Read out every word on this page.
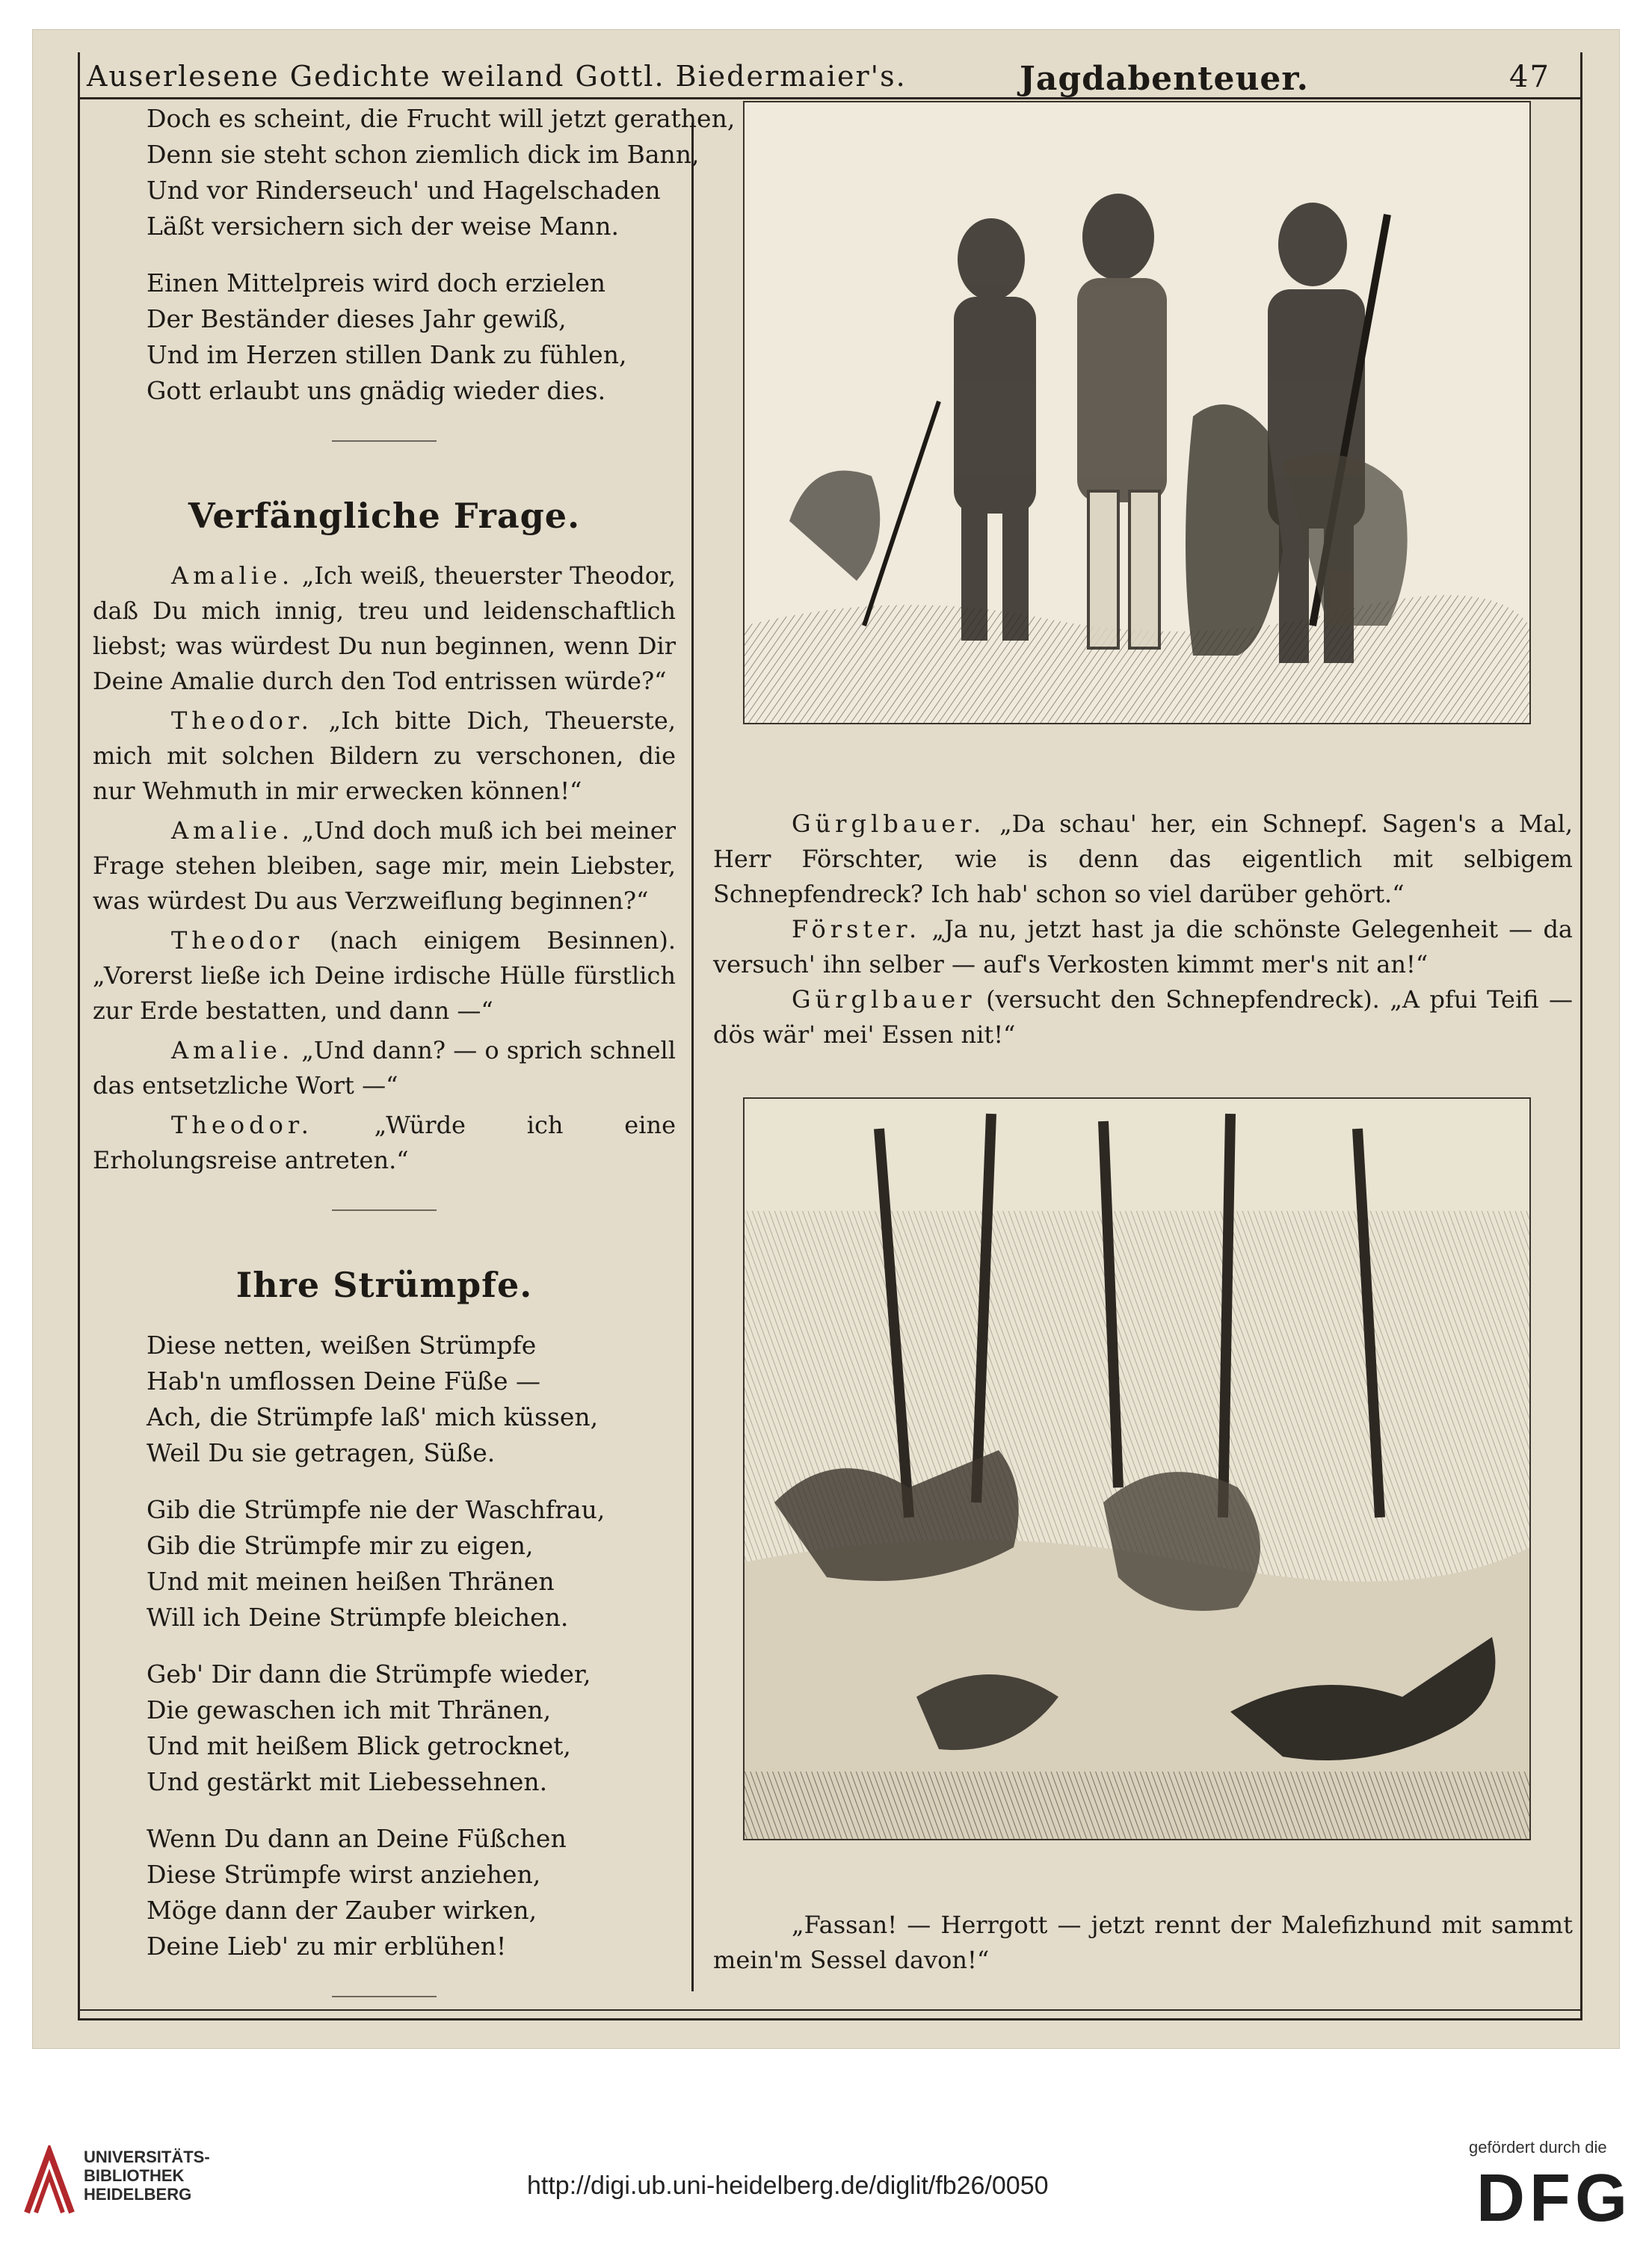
Auserlesene Gedichte weiland Gottl. Biedermaier's.	Jagdabenteuer.	47

Doch es scheint, die Frucht will jetzt gerathen,

Denn sie steht schon ziemlich dick im Bann,

Und vor Rinderseuch' und Hagelschaden

Läßt versichern sich der weise Mann.

Einen Mittelpreis wird doch erzielen

Der Beständer dieses Jahr gewiß,

Und im Herzen stillen Dank zu fühlen,

Gott erlaubt uns gnädig wieder dies.

Verfängliche Frage.

Amalie. „Ich weiß, theuerster Theodor, daß Du mich innig, treu und leidenschaftlich liebst; was würdest Du nun beginnen, wenn Dir Deine Amalie durch den Tod entrissen würde?“

Theodor. „Ich bitte Dich, Theuerste, mich mit solchen Bildern zu verschonen, die nur Wehmuth in mir erwecken können!“

Amalie. „Und doch muß ich bei meiner Frage stehen bleiben, sage mir, mein Liebster, was würdest Du aus Verzweiflung beginnen?“

Theodor (nach einigem Besinnen). „Vorerst ließe ich Deine irdische Hülle fürstlich zur Erde bestatten, und dann —“

Amalie. „Und dann? — o sprich schnell das entsetzliche Wort —“

Theodor. „Würde ich eine Erholungsreise antreten.“

Ihre Strümpfe.

Diese netten, weißen Strümpfe

Hab'n umflossen Deine Füße —

Ach, die Strümpfe laß' mich küssen,

Weil Du sie getragen, Süße.

Gib die Strümpfe nie der Waschfrau,

Gib die Strümpfe mir zu eigen,

Und mit meinen heißen Thränen

Will ich Deine Strümpfe bleichen.

Geb' Dir dann die Strümpfe wieder,

Die gewaschen ich mit Thränen,

Und mit heißem Blick getrocknet,

Und gestärkt mit Liebessehnen.

Wenn Du dann an Deine Füßchen

Diese Strümpfe wirst anziehen,

Möge dann der Zauber wirken,

Deine Lieb' zu mir erblühen!

Gürglbauer. „Da schau' her, ein Schnepf. Sagen's a Mal, Herr Förschter, wie is denn das eigentlich mit selbigem Schnepfendreck? Ich hab' schon so viel darüber gehört.“

Förster. „Ja nu, jetzt hast ja die schönste Gelegenheit — da versuch' ihn selber — auf's Verkosten kimmt mer's nit an!“

Gürglbauer (versucht den Schnepfendreck). „A pfui Teifi — dös wär' mei' Essen nit!“

„Fassan! — Herrgott — jetzt rennt der Malefizhund mit sammt mein'm Sessel davon!“

UNIVERSITÄTS-
BIBLIOTHEK
HEIDELBERG	http://digi.ub.uni-heidelberg.de/diglit/fb26/0050
gefördert durch die
DFG
